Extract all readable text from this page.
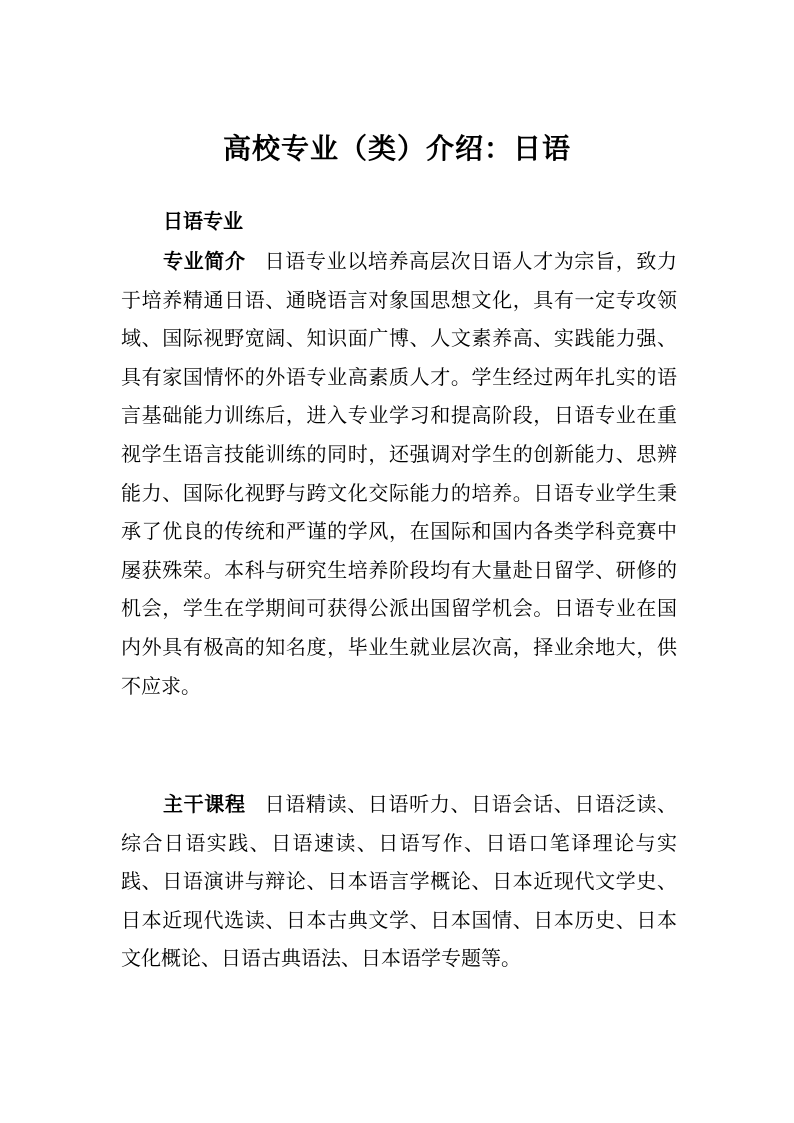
高校专业（类）介绍：日语
日语专业

专业简介 日语专业以培养高层次日语人才为宗旨，致力于培养精通日语、通晓语言对象国思想文化，具有一定专攻领域、国际视野宽阔、知识面广博、人文素养高、实践能力强、具有家国情怀的外语专业高素质人才。学生经过两年扎实的语言基础能力训练后，进入专业学习和提高阶段，日语专业在重视学生语言技能训练的同时，还强调对学生的创新能力、思辨能力、国际化视野与跨文化交际能力的培养。日语专业学生秉承了优良的传统和严谨的学风，在国际和国内各类学科竞赛中屡获殊荣。本科与研究生培养阶段均有大量赴日留学、研修的机会，学生在学期间可获得公派出国留学机会。日语专业在国内外具有极高的知名度，毕业生就业层次高，择业余地大，供不应求。

主干课程 日语精读、日语听力、日语会话、日语泛读、综合日语实践、日语速读、日语写作、日语口笔译理论与实践、日语演讲与辩论、日本语言学概论、日本近现代文学史、日本近现代选读、日本古典文学、日本国情、日本历史、日本文化概论、日语古典语法、日本语学专题等。
